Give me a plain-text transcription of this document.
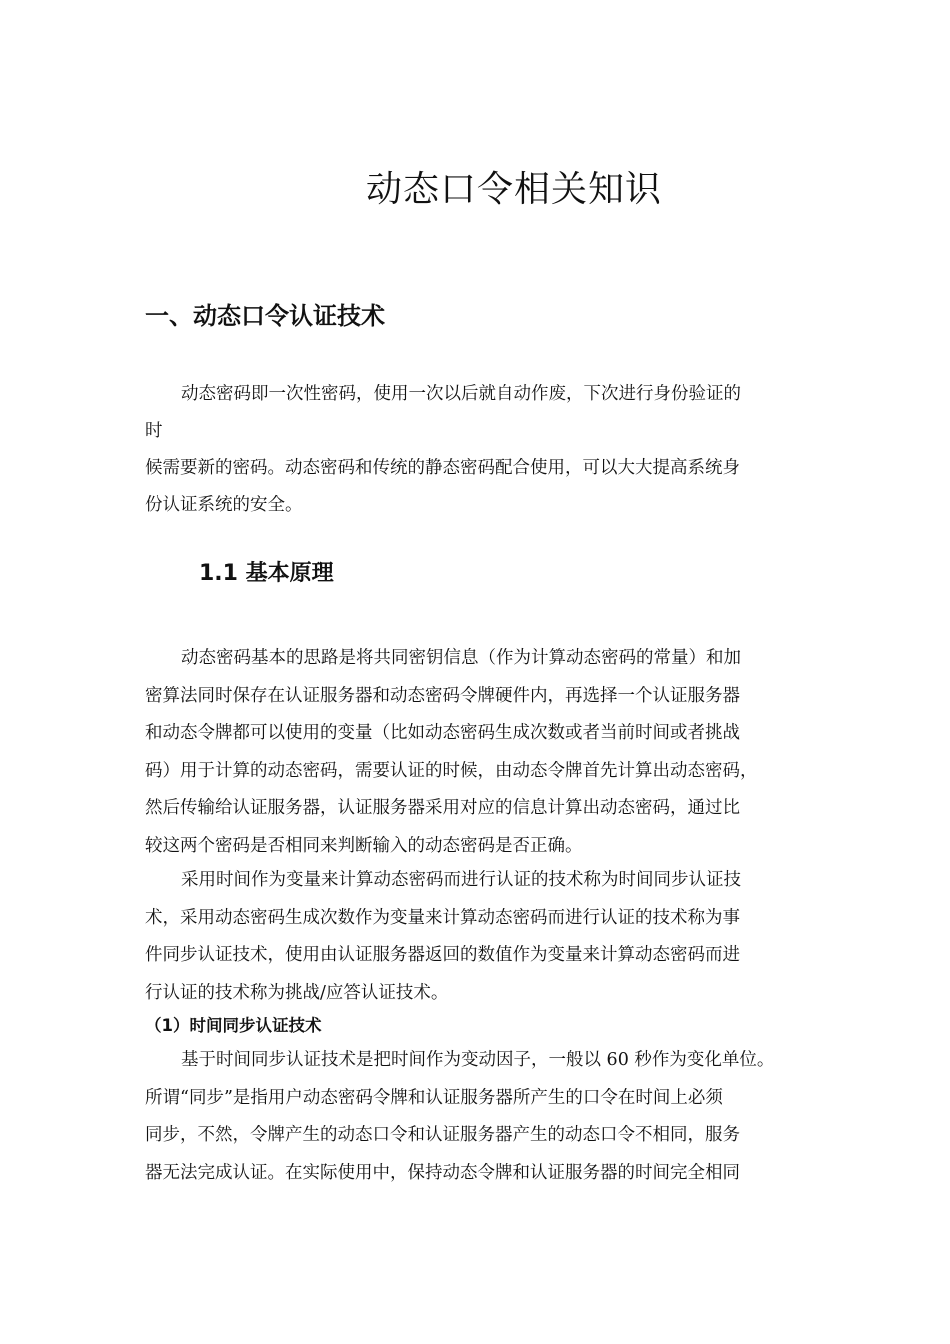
动态口令相关知识
一、动态口令认证技术
动态密码即一次性密码，使用一次以后就自动作废，下次进行身份验证的
时
候需要新的密码。动态密码和传统的静态密码配合使用，可以大大提高系统身
份认证系统的安全。
1.1 基本原理
动态密码基本的思路是将共同密钥信息（作为计算动态密码的常量）和加
密算法同时保存在认证服务器和动态密码令牌硬件内，再选择一个认证服务器
和动态令牌都可以使用的变量（比如动态密码生成次数或者当前时间或者挑战
码）用于计算的动态密码，需要认证的时候，由动态令牌首先计算出动态密码，
然后传输给认证服务器，认证服务器采用对应的信息计算出动态密码，通过比
较这两个密码是否相同来判断输入的动态密码是否正确。
采用时间作为变量来计算动态密码而进行认证的技术称为时间同步认证技
术，采用动态密码生成次数作为变量来计算动态密码而进行认证的技术称为事
件同步认证技术，使用由认证服务器返回的数值作为变量来计算动态密码而进
行认证的技术称为挑战/应答认证技术。
（1）时间同步认证技术
基于时间同步认证技术是把时间作为变动因子，一般以 60 秒作为变化单位。
所谓“同步”是指用户动态密码令牌和认证服务器所产生的口令在时间上必须
同步，不然，令牌产生的动态口令和认证服务器产生的动态口令不相同，服务
器无法完成认证。在实际使用中，保持动态令牌和认证服务器的时间完全相同
